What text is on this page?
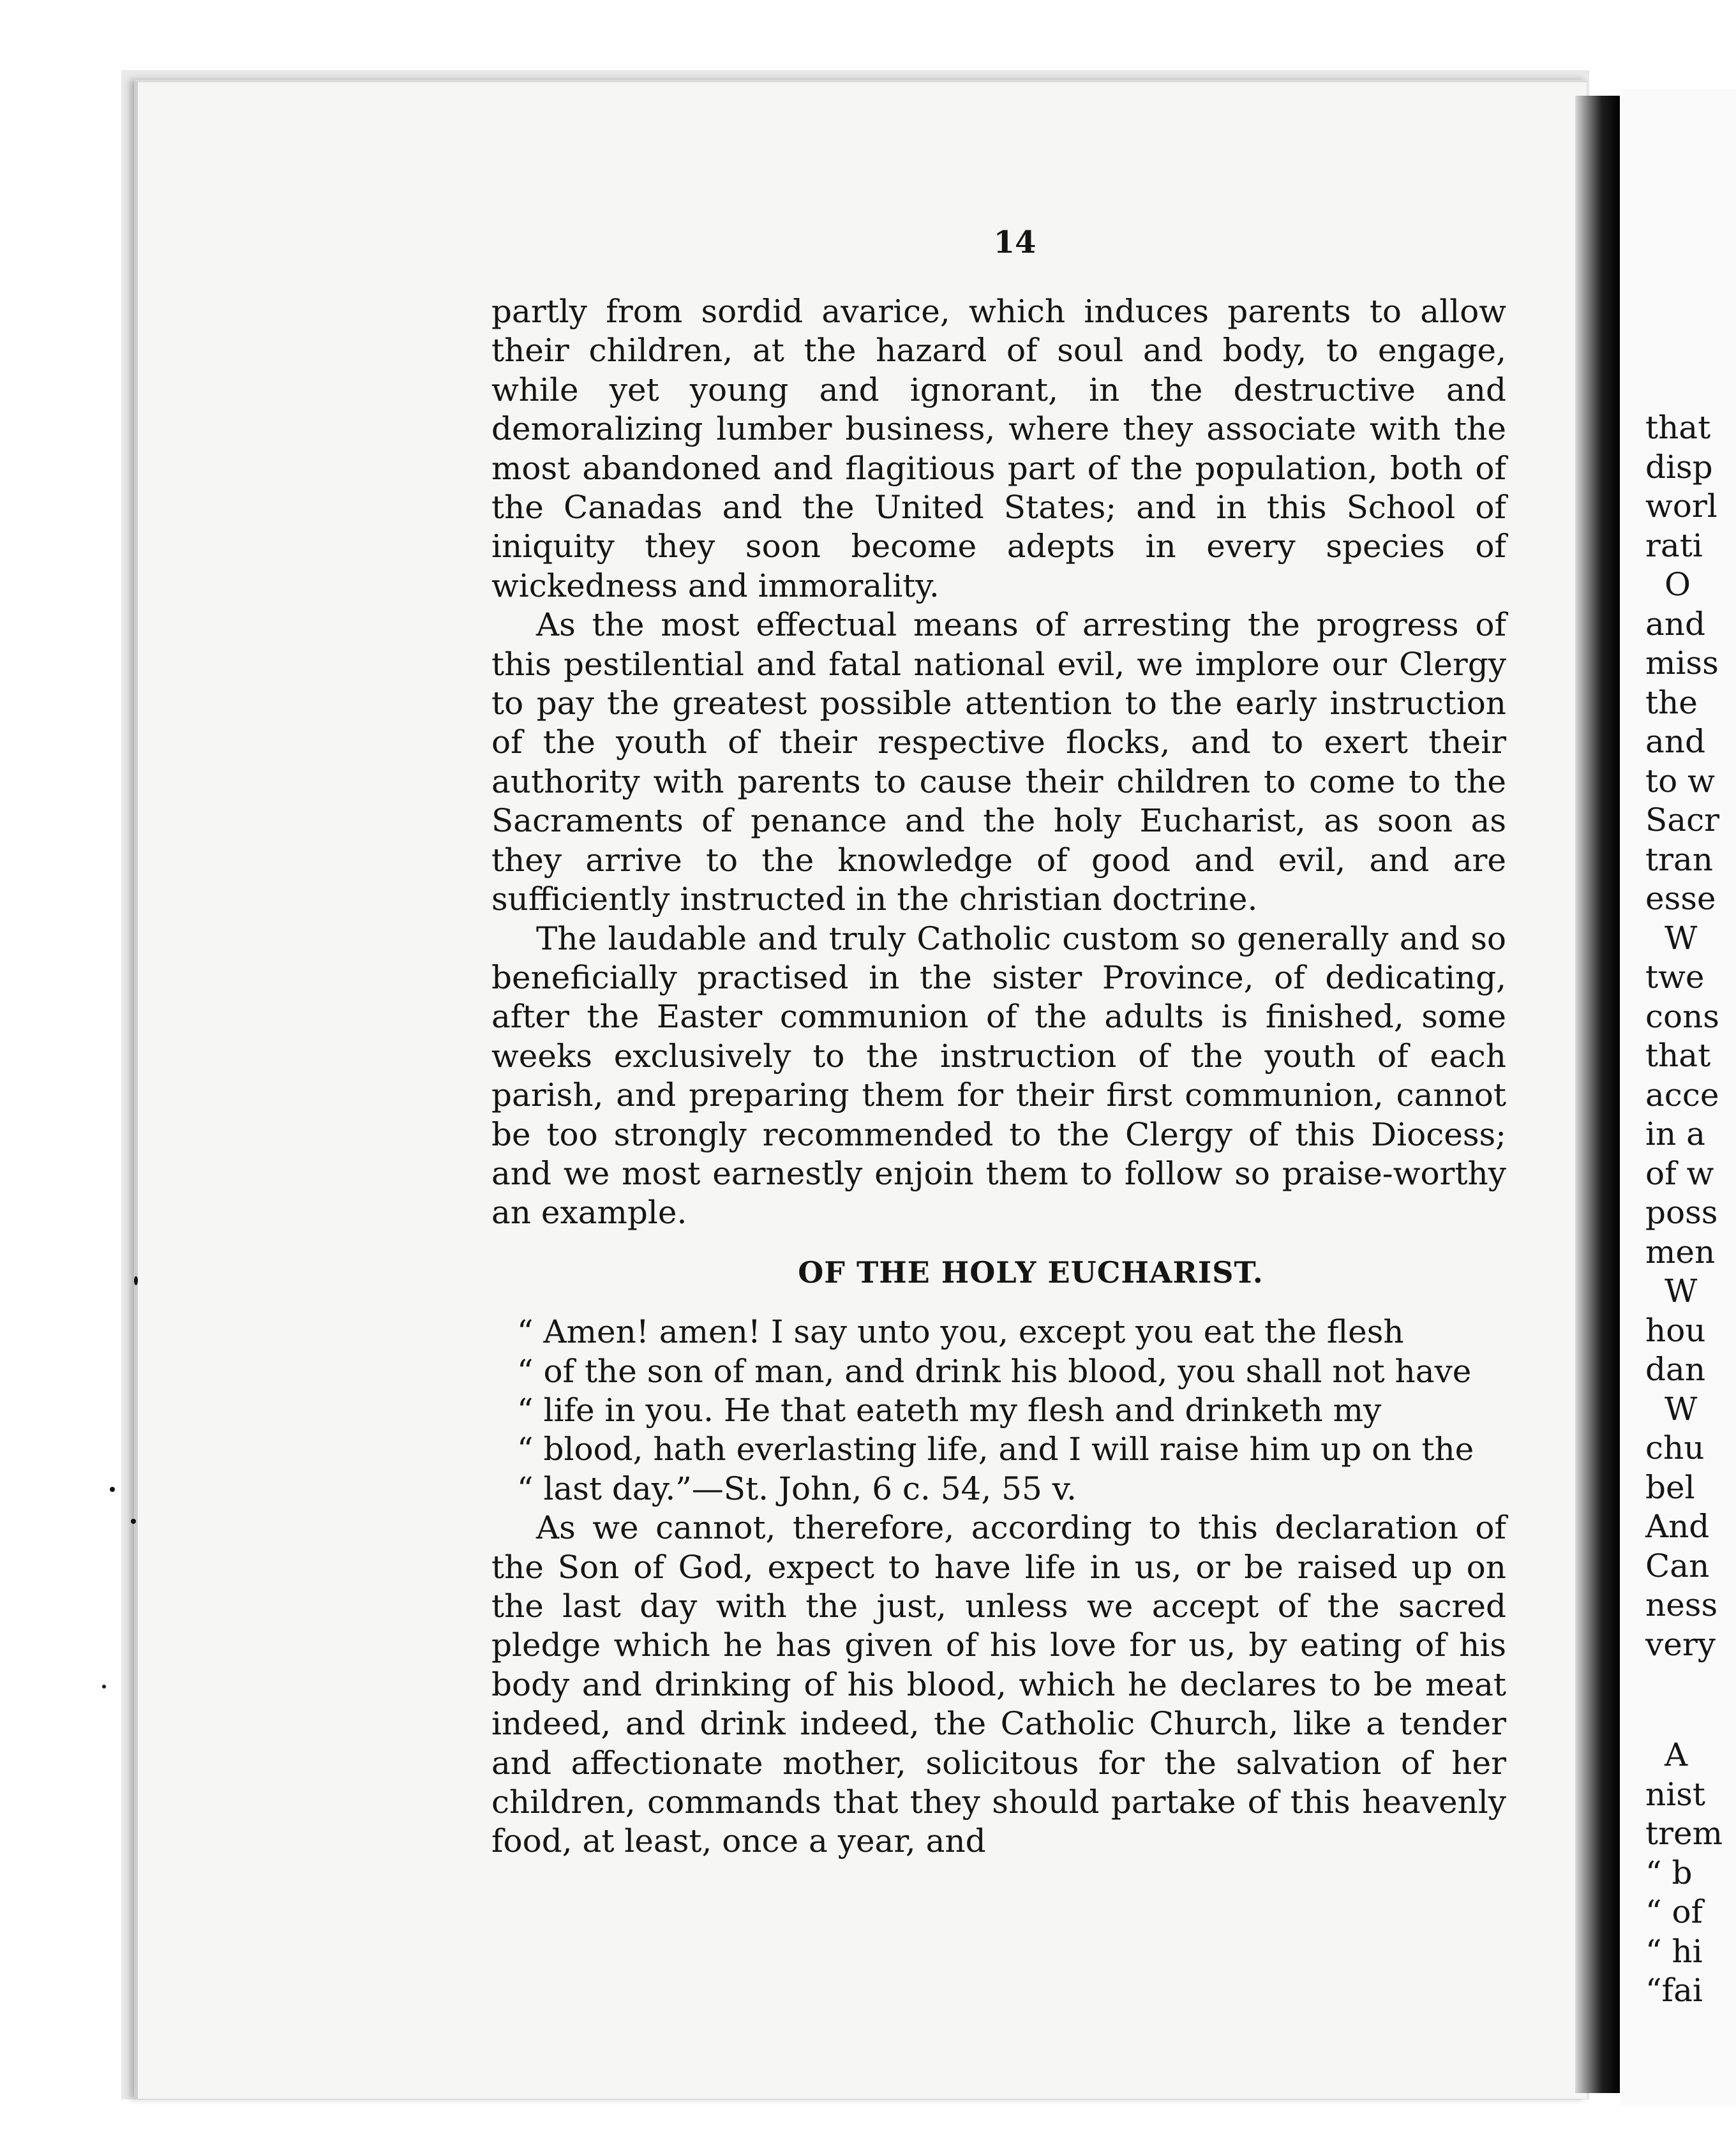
that
disp
worl
rati
O
and
miss
the
and
to w
Sacr
tran
esse
W
twe
cons
that
acce
in a
of w
poss
men
W
hou
dan
W
chu
bel
And
Can
ness
very
A
nist
trem
“ b
“ of
“ hi
“fai
14

partly from sordid avarice, which induces parents to allow their children, at the hazard of soul and body, to engage, while yet young and ignorant, in the destructive and demoralizing lumber business, where they associate with the most abandoned and flagitious part of the population, both of the Canadas and the United States; and in this School of iniquity they soon become adepts in every species of wickedness and immorality.

As the most effectual means of arresting the progress of this pestilential and fatal national evil, we implore our Clergy to pay the greatest possible attention to the early instruction of the youth of their respective flocks, and to exert their authority with parents to cause their children to come to the Sacraments of penance and the holy Eucharist, as soon as they arrive to the knowledge of good and evil, and are sufficiently instructed in the christian doctrine.

The laudable and truly Catholic custom so generally and so beneficially practised in the sister Province, of dedicating, after the Easter communion of the adults is finished, some weeks exclusively to the instruction of the youth of each parish, and preparing them for their first communion, cannot be too strongly recommended to the Clergy of this Diocess; and we most earnestly enjoin them to follow so praise-worthy an example.

OF THE HOLY EUCHARIST.
“ Amen! amen! I say unto you, except you eat the flesh
“ of the son of man, and drink his blood, you shall not have
“ life in you. He that eateth my flesh and drinketh my
“ blood, hath everlasting life, and I will raise him up on the
“ last day.”—St. John, 6 c. 54, 55 v.

As we cannot, therefore, according to this declaration of the Son of God, expect to have life in us, or be raised up on the last day with the just, unless we accept of the sacred pledge which he has given of his love for us, by eating of his body and drinking of his blood, which he declares to be meat indeed, and drink indeed, the Catholic Church, like a tender and affectionate mother, solicitous for the salvation of her children, commands that they should partake of this heavenly food, at least, once a year, and
